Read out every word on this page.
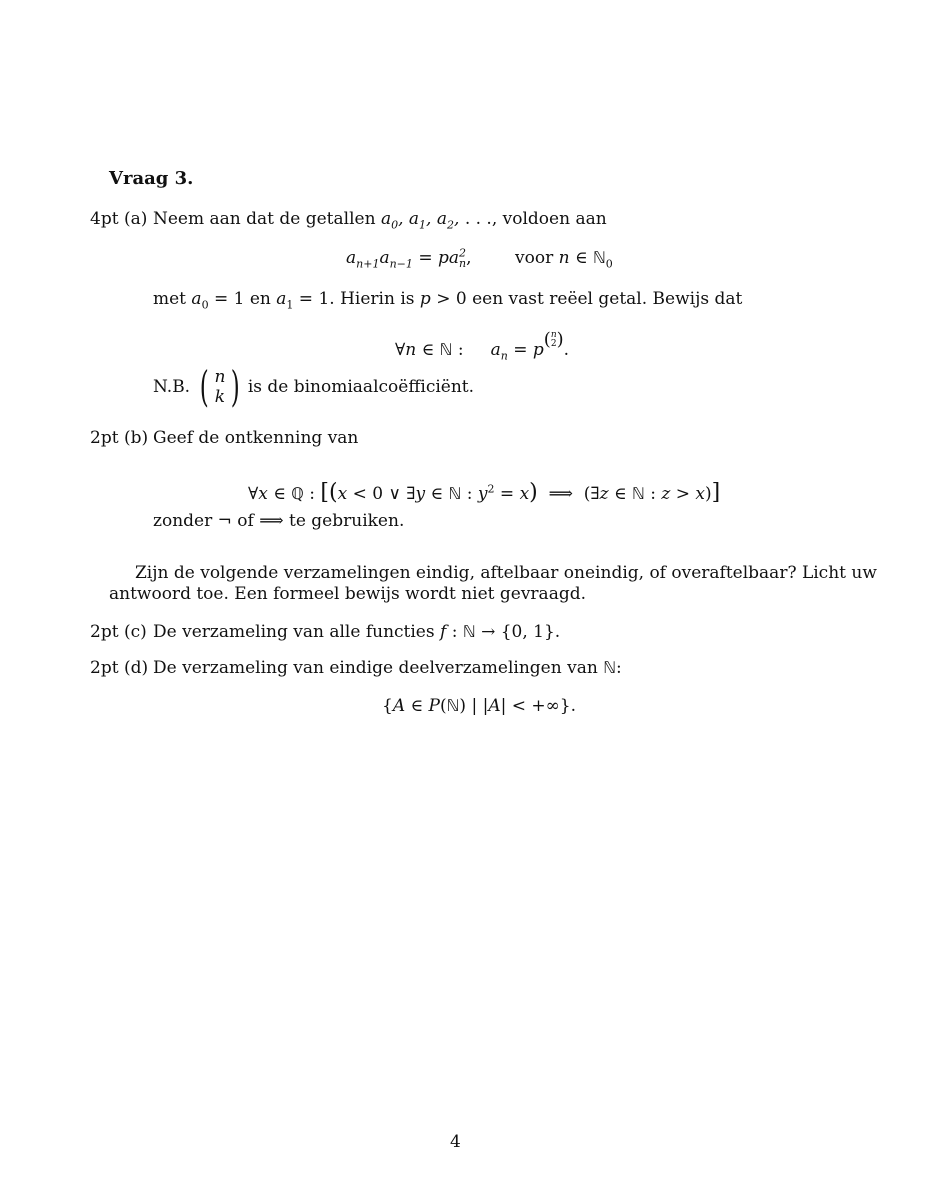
Vraag 3.
4pt (a) Neem aan dat de getallen $a_0$, $a_1$, $a_2$, . . ., voldoen aan
$a_{n+1}a_{n-1} = pa^2_n$,	voor n ∈ ℕ$_0$
met $a_0 = 1$ en $a_1 = 1$. Hierin is p > 0 een vast reëel getal. Bewijs dat
∀n ∈ ℕ :     $a_n = p$ ( n
2 ) .
N.B. ( n
k ) is de binomiaalcoëfficiënt.
2pt (b) Geef de ontkenning van
∀x ∈ ℚ : [(x < 0 ∨ ∃y ∈ ℕ : $y^2 = x$)  ⟹  (∃z ∈ ℕ : z > x)]
zonder ¬ of ⟹ te gebruiken.
Zijn de volgende verzamelingen eindig, aftelbaar oneindig, of overaftelbaar? Licht uw
antwoord toe. Een formeel bewijs wordt niet gevraagd.
2pt (c) De verzameling van alle functies f : ℕ → {0, 1}.
2pt (d) De verzameling van eindige deelverzamelingen van ℕ:
{A ∈ P(ℕ) | |A| < +∞}.
4
